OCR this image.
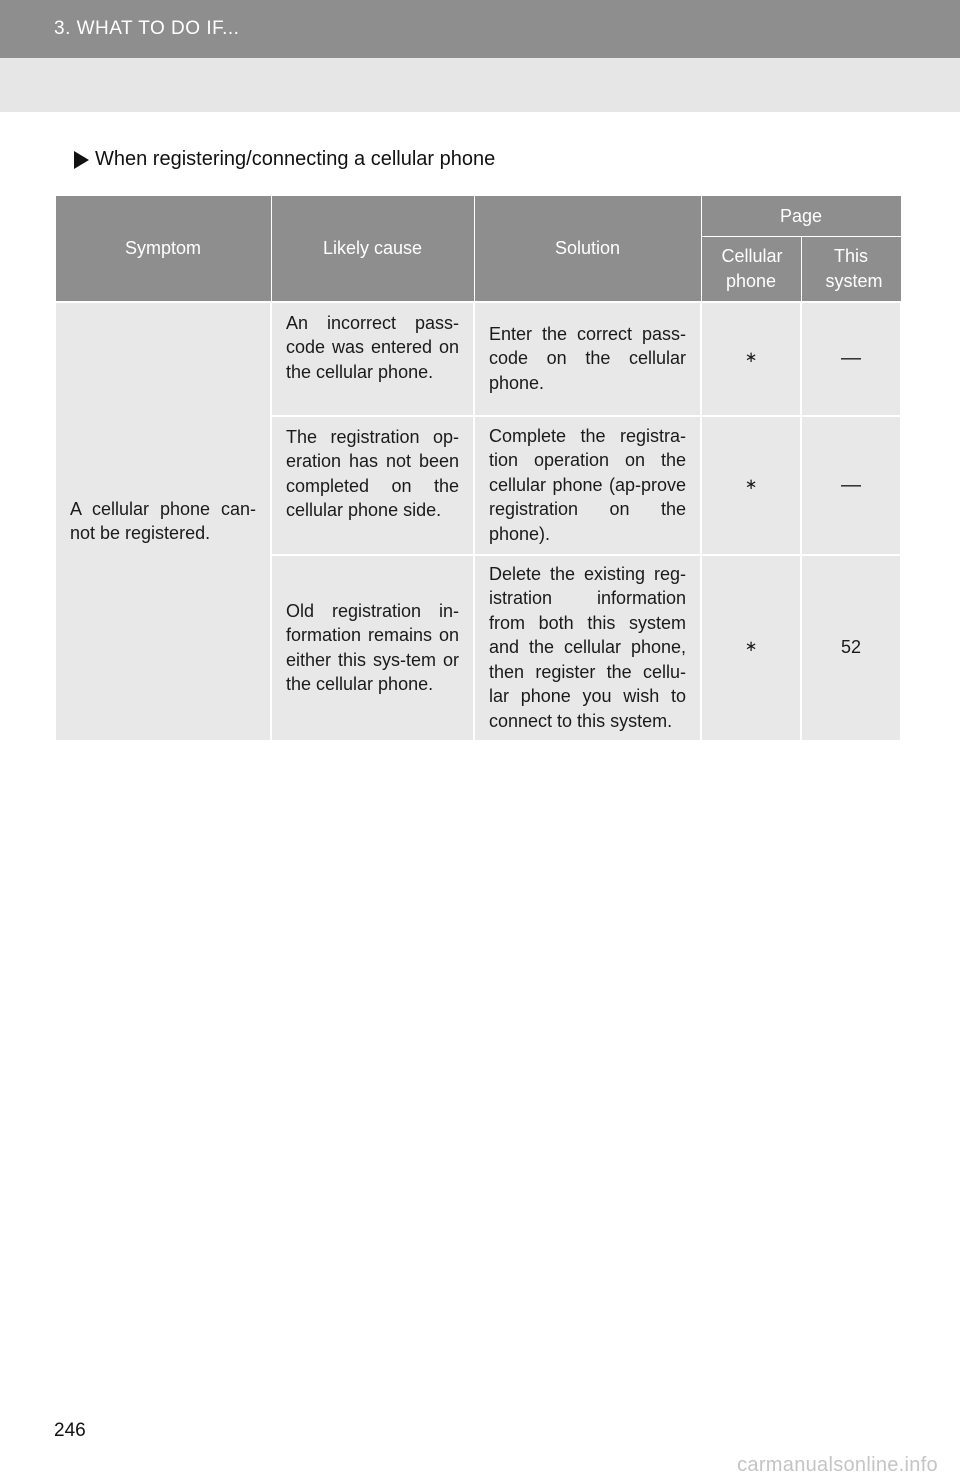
3. WHAT TO DO IF...
When registering/connecting a cellular phone
Symptom	Likely cause	Solution	Page	
			Cellular phone	This system
A cellular phone can-not be registered.	An incorrect pass-code was entered on the cellular phone.	Enter the correct pass-code on the cellular phone.	∗	—
	The registration op-eration has not been completed on the cellular phone side.	Complete the registra-tion operation on the cellular phone (ap-prove registration on the phone).	∗	—
	Old registration in-formation remains on either this sys-tem or the cellular phone.	Delete the existing reg-istration information from both this system and the cellular phone, then register the cellu-lar phone you wish to connect to this system.	∗	52
246
carmanualsonline.info
